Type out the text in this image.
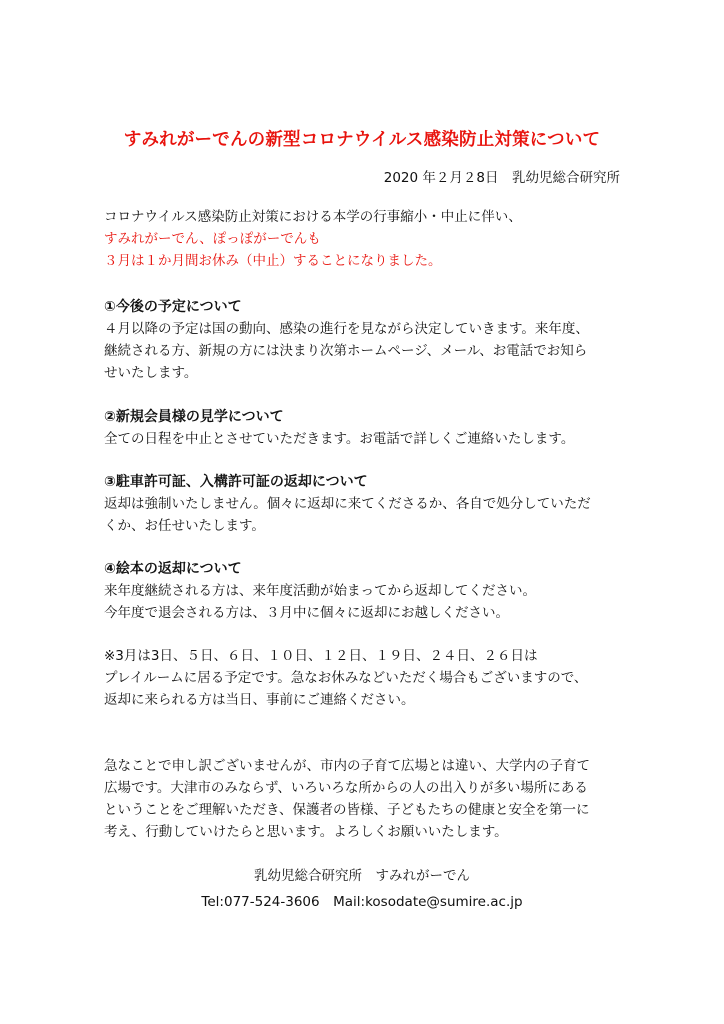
すみれがーでんの新型コロナウイルス感染防止対策について
2020 年２月２8日　乳幼児総合研究所
コロナウイルス感染防止対策における本学の行事縮小・中止に伴い、
すみれがーでん、ぽっぽがーでんも
３月は１か月間お休み（中止）することになりました。
①今後の予定について
４月以降の予定は国の動向、感染の進行を見ながら決定していきます。来年度、
継続される方、新規の方には決まり次第ホームページ、メール、お電話でお知ら
せいたします。
②新規会員様の見学について
全ての日程を中止とさせていただきます。お電話で詳しくご連絡いたします。
③駐車許可証、入構許可証の返却について
返却は強制いたしません。個々に返却に来てくださるか、各自で処分していただ
くか、お任せいたします。
④絵本の返却について
来年度継続される方は、来年度活動が始まってから返却してください。
今年度で退会される方は、３月中に個々に返却にお越しください。
※3月は3日、５日、６日、１０日、１２日、１９日、２４日、２６日は
プレイルームに居る予定です。急なお休みなどいただく場合もございますので、
返却に来られる方は当日、事前にご連絡ください。
急なことで申し訳ございませんが、市内の子育て広場とは違い、大学内の子育て
広場です。大津市のみならず、いろいろな所からの人の出入りが多い場所にある
ということをご理解いただき、保護者の皆様、子どもたちの健康と安全を第一に
考え、行動していけたらと思います。よろしくお願いいたします。
乳幼児総合研究所　すみれがーでん
Tel:077-524-3606　Mail:kosodate@sumire.ac.jp
